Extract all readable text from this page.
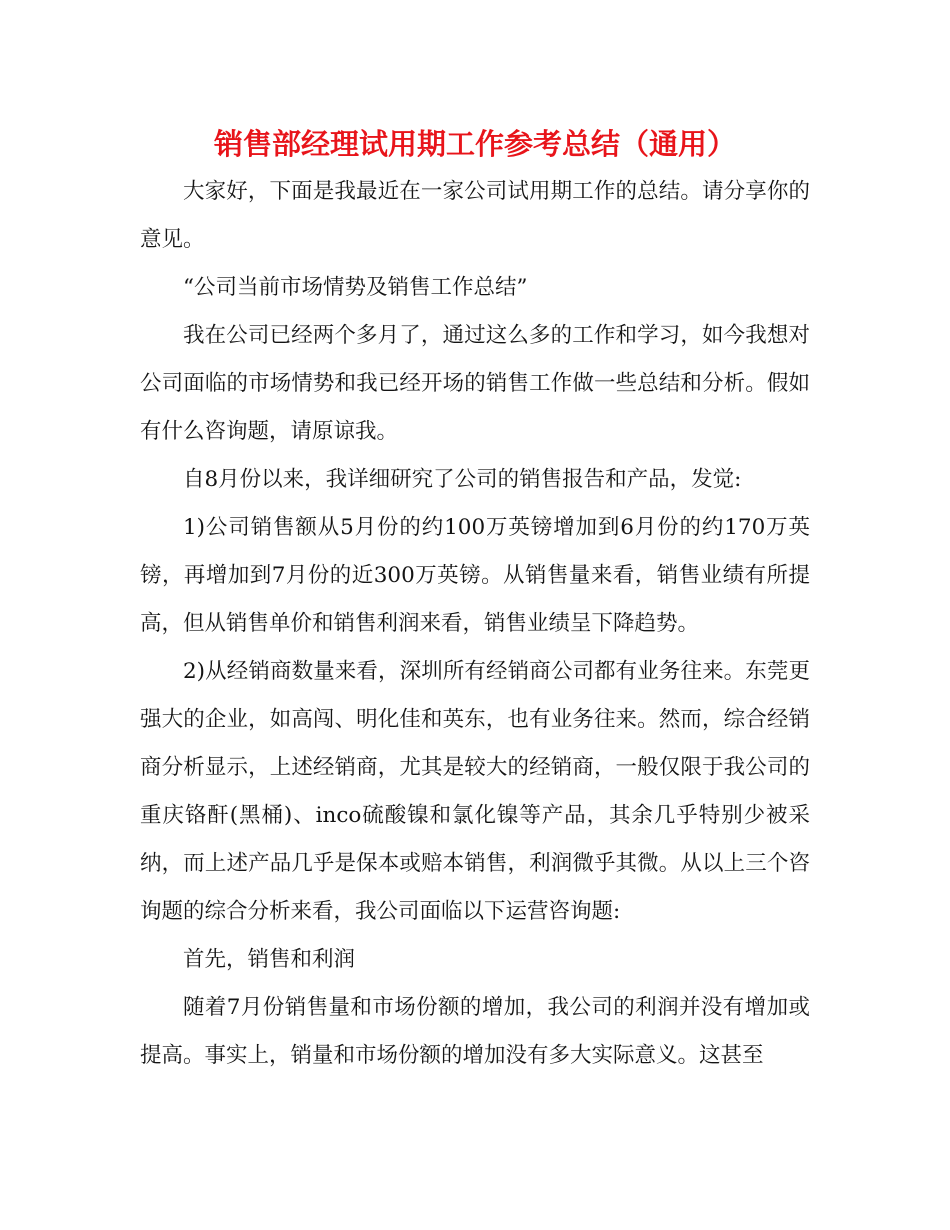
销售部经理试用期工作参考总结（通用）

大家好，下面是我最近在一家公司试用期工作的总结。请分享你的意见。

“公司当前市场情势及销售工作总结”

我在公司已经两个多月了，通过这么多的工作和学习，如今我想对公司面临的市场情势和我已经开场的销售工作做一些总结和分析。假如有什么咨询题，请原谅我。

自8月份以来，我详细研究了公司的销售报告和产品，发觉:

1)公司销售额从5月份的约100万英镑增加到6月份的约170万英镑，再增加到7月份的近300万英镑。从销售量来看，销售业绩有所提高，但从销售单价和销售利润来看，销售业绩呈下降趋势。

2)从经销商数量来看，深圳所有经销商公司都有业务往来。东莞更强大的企业，如高闯、明化佳和英东，也有业务往来。然而，综合经销商分析显示，上述经销商，尤其是较大的经销商，一般仅限于我公司的重庆铬酐(黑桶)、inco硫酸镍和氯化镍等产品，其余几乎特别少被采纳，而上述产品几乎是保本或赔本销售，利润微乎其微。从以上三个咨询题的综合分析来看，我公司面临以下运营咨询题:

首先，销售和利润

随着7月份销售量和市场份额的增加，我公司的利润并没有增加或提高。事实上，销量和市场份额的增加没有多大实际意义。这甚至
